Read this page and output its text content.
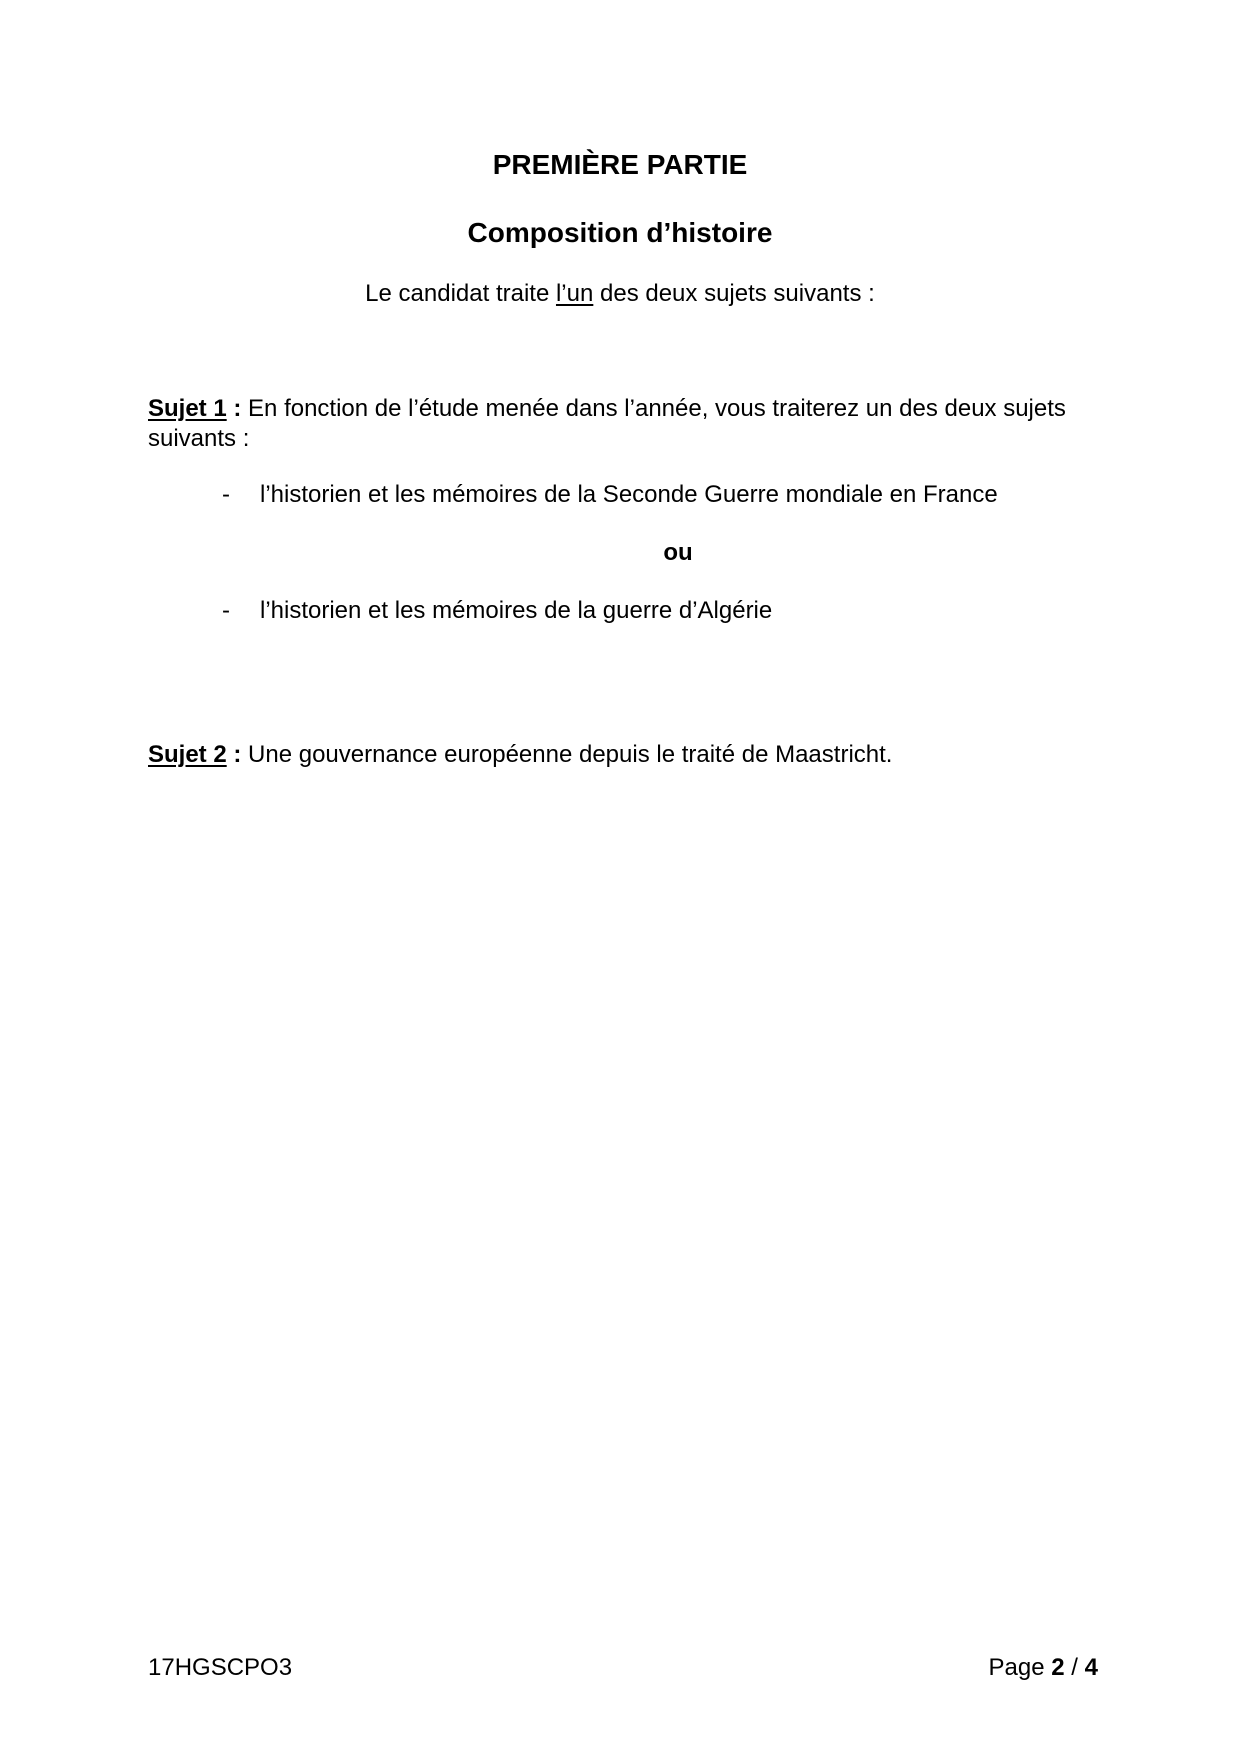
PREMIÈRE PARTIE
Composition d’histoire
Le candidat traite l’un des deux sujets suivants :
Sujet 1 : En fonction de l’étude menée dans l’année, vous traiterez un des deux sujets suivants :
- l’historien et les mémoires de la Seconde Guerre mondiale en France
ou
- l’historien et les mémoires de la guerre d’Algérie
Sujet 2 : Une gouvernance européenne depuis le traité de Maastricht.
17HGSCPO3	Page 2 / 4
